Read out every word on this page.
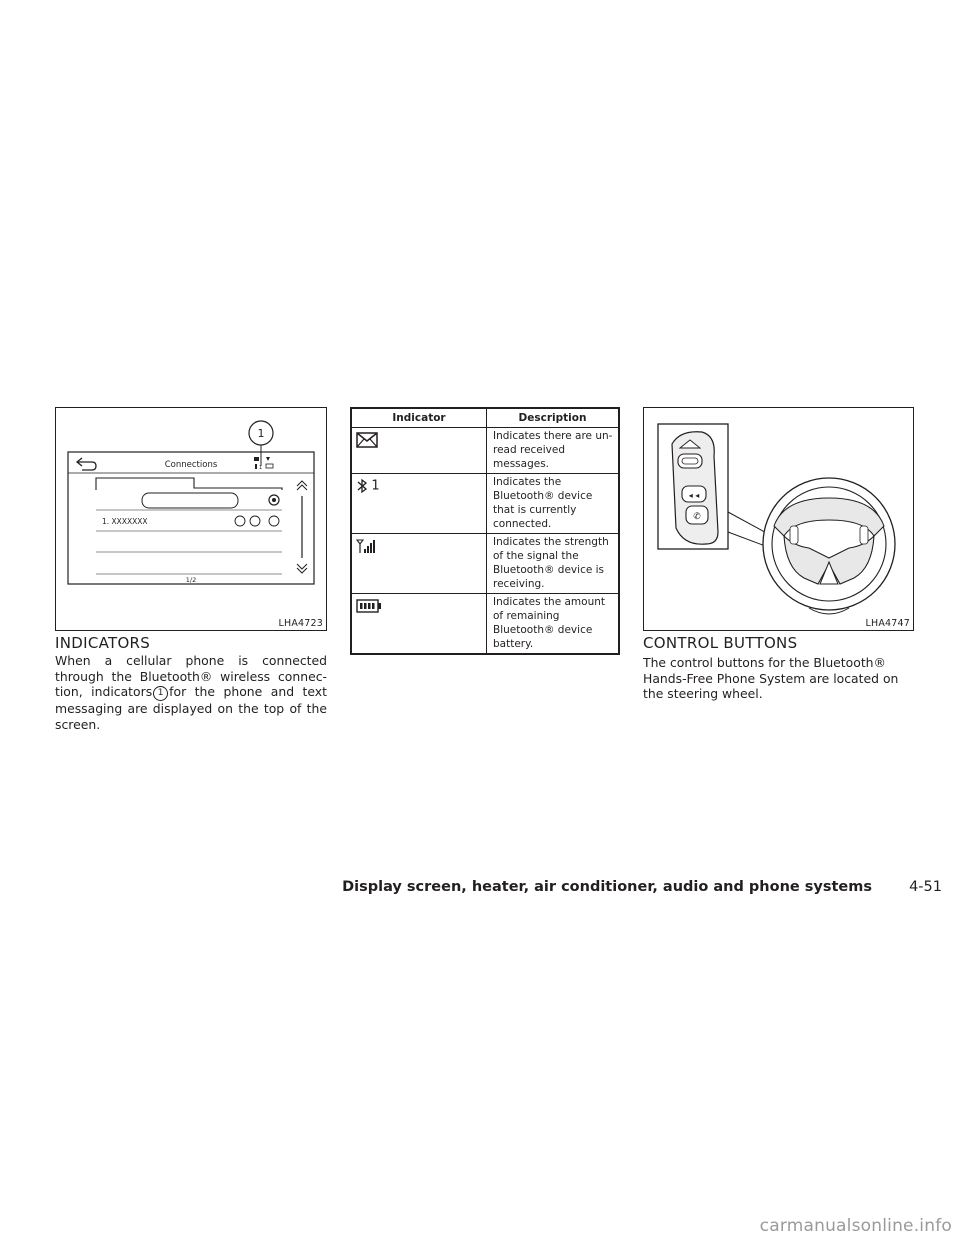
1
Connections	1
1. XXXXXXX
1/2
LHA4723
INDICATORS

When a cellular phone is connected through the Bluetooth® wireless connec-tion, indicators 1 for the phone and text messaging are displayed on the top of the screen.

Indicator	Description
	Indicates there are un-read received messages.
1	Indicates the Bluetooth® device that is currently connected.
	Indicates the strength of the signal the Bluetooth® device is receiving.
	Indicates the amount of remaining Bluetooth® device battery.
◂ ◂
✆
LHA4747
CONTROL BUTTONS

The control buttons for the Bluetooth® Hands-Free Phone System are located on the steering wheel.

Display screen, heater, air conditioner, audio and phone systems	4-51
carmanualsonline.info
